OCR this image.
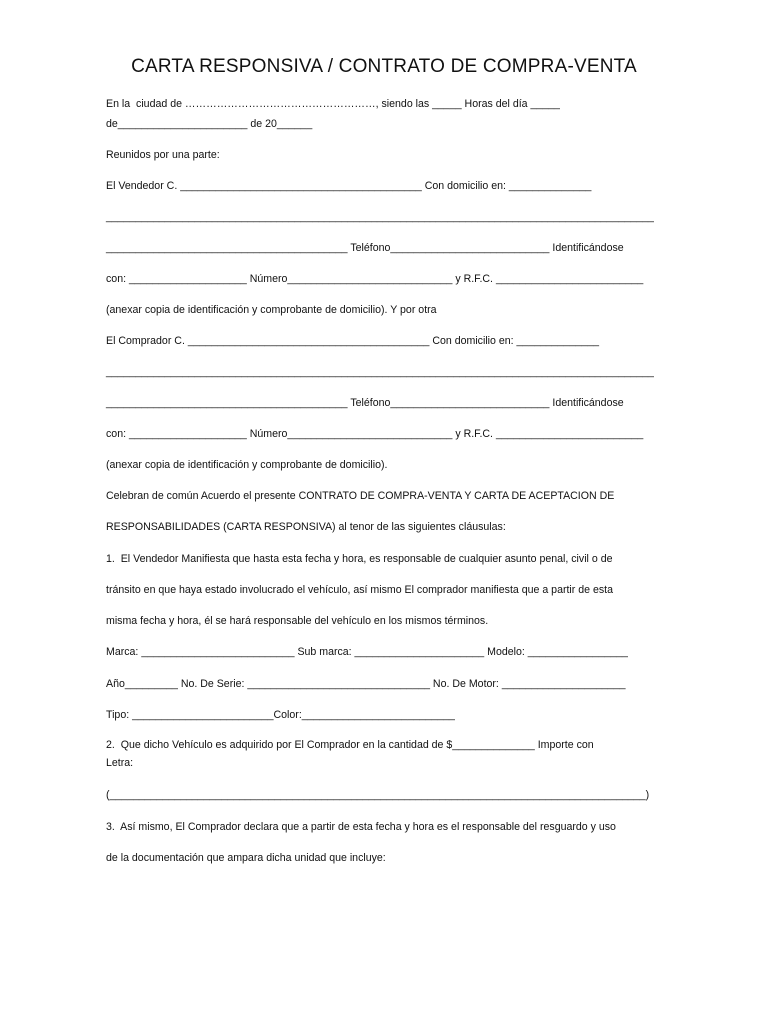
CARTA RESPONSIVA / CONTRATO DE COMPRA-VENTA
En la  ciudad de ………………………………………………, siendo las _____ Horas del día _____
de______________________ de 20______
Reunidos por una parte:
El Vendedor C. _________________________________________ Con domicilio en: ______________
_____________________________________________________________________________________________
_________________________________________ Teléfono___________________________ Identificándose
con: ____________________ Número____________________________ y R.F.C. _________________________
(anexar copia de identificación y comprobante de domicilio). Y por otra
El Comprador C. _________________________________________ Con domicilio en: ______________
_____________________________________________________________________________________________
_________________________________________ Teléfono___________________________ Identificándose
con: ____________________ Número____________________________ y R.F.C. _________________________
(anexar copia de identificación y comprobante de domicilio).
Celebran de común Acuerdo el presente CONTRATO DE COMPRA-VENTA Y CARTA DE ACEPTACION DE
RESPONSABILIDADES (CARTA RESPONSIVA) al tenor de las siguientes cláusulas:
1.  El Vendedor Manifiesta que hasta esta fecha y hora, es responsable de cualquier asunto penal, civil o de
tránsito en que haya estado involucrado el vehículo, así mismo El comprador manifiesta que a partir de esta
misma fecha y hora, él se hará responsable del vehículo en los mismos términos.
Marca: __________________________ Sub marca: ______________________ Modelo: _________________
Año_________ No. De Serie: _______________________________ No. De Motor: _____________________
Tipo: ________________________Color:__________________________
2.  Que dicho Vehículo es adquirido por El Comprador en la cantidad de $______________ Importe con
Letra:
(___________________________________________________________________________________________)
3.  Así mismo, El Comprador declara que a partir de esta fecha y hora es el responsable del resguardo y uso
de la documentación que ampara dicha unidad que incluye:
